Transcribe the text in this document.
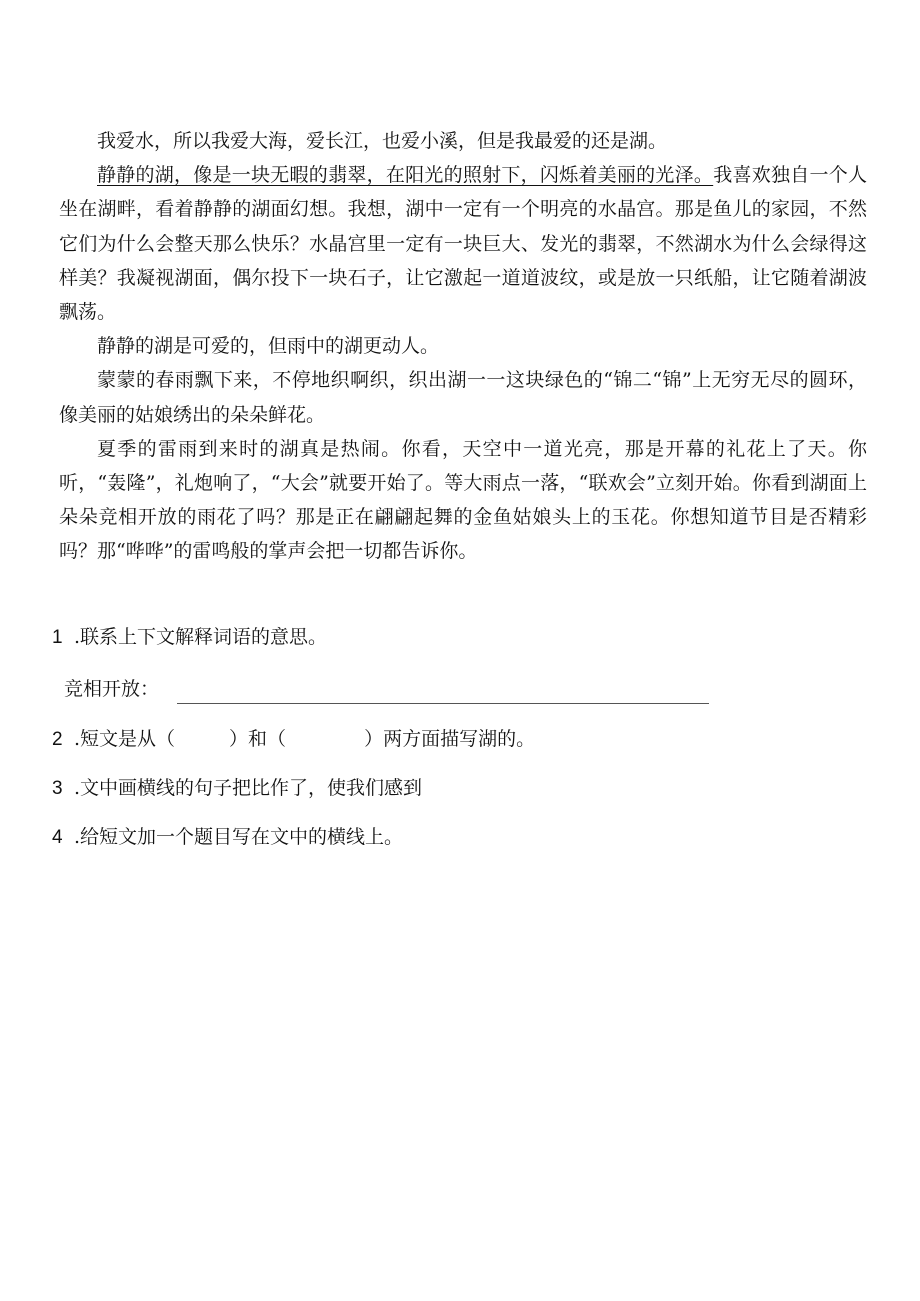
我爱水，所以我爱大海，爱长江，也爱小溪，但是我最爱的还是湖。

静静的湖，像是一块无暇的翡翠，在阳光的照射下，闪烁着美丽的光泽。我喜欢独自一个人坐在湖畔，看着静静的湖面幻想。我想，湖中一定有一个明亮的水晶宫。那是鱼儿的家园，不然它们为什么会整天那么快乐？水晶宫里一定有一块巨大、发光的翡翠，不然湖水为什么会绿得这样美？我凝视湖面，偶尔投下一块石子，让它激起一道道波纹，或是放一只纸船，让它随着湖波飘荡。

静静的湖是可爱的，但雨中的湖更动人。

蒙蒙的春雨飘下来，不停地织啊织，织出湖一一这块绿色的“锦二“锦”上无穷无尽的圆环，像美丽的姑娘绣出的朵朵鲜花。

夏季的雷雨到来时的湖真是热闹。你看，天空中一道光亮，那是开幕的礼花上了天。你听，“轰隆”，礼炮响了，“大会”就要开始了。等大雨点一落，“联欢会”立刻开始。你看到湖面上朵朵竞相开放的雨花了吗？那是正在翩翩起舞的金鱼姑娘头上的玉花。你想知道节目是否精彩吗？那“哗哗”的雷鸣般的掌声会把一切都告诉你。

1 .联系上下文解释词语的意思。
竞相开放：
2 .短文是从（	）和（	）两方面描写湖的。
3 .文中画横线的句子把比作了，使我们感到
4 .给短文加一个题目写在文中的横线上。
